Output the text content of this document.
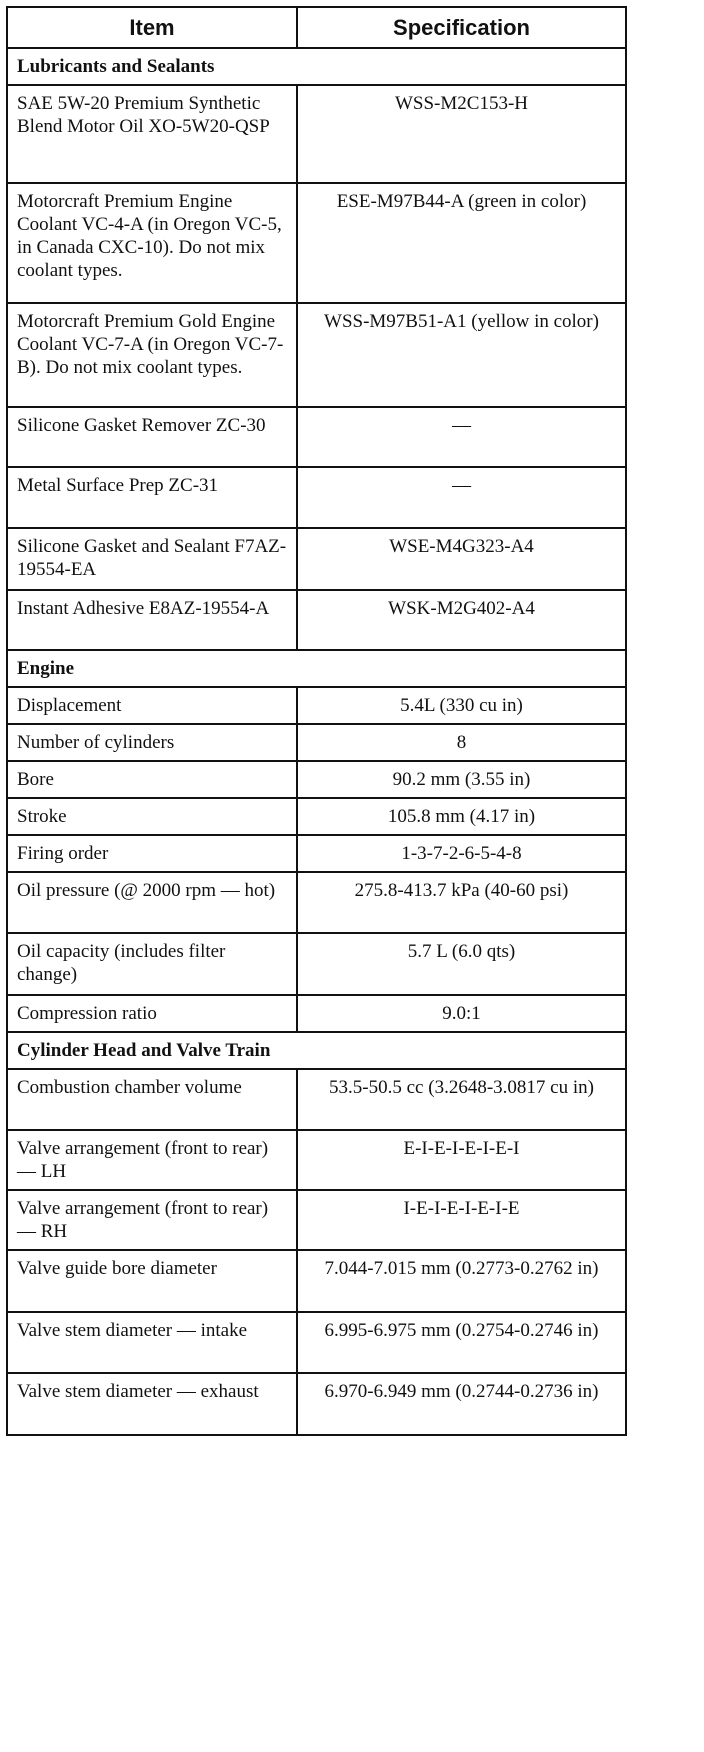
Item	Specification
Lubricants and Sealants	
SAE 5W-20 Premium Synthetic Blend Motor Oil XO-5W20-QSP	WSS-M2C153-H
Motorcraft Premium Engine Coolant VC-4-A (in Oregon VC-5, in Canada CXC-10). Do not mix coolant types.	ESE-M97B44-A (green in color)
Motorcraft Premium Gold Engine Coolant VC-7-A (in Oregon VC-7-B). Do not mix coolant types.	WSS-M97B51-A1 (yellow in color)
Silicone Gasket Remover ZC-30	—
Metal Surface Prep ZC-31	—
Silicone Gasket and Sealant F7AZ-19554-EA	WSE-M4G323-A4
Instant Adhesive E8AZ-19554-A	WSK-M2G402-A4
Engine	
Displacement	5.4L (330 cu in)
Number of cylinders	8
Bore	90.2 mm (3.55 in)
Stroke	105.8 mm (4.17 in)
Firing order	1-3-7-2-6-5-4-8
Oil pressure (@ 2000 rpm — hot)	275.8-413.7 kPa (40-60 psi)
Oil capacity (includes filter change)	5.7 L (6.0 qts)
Compression ratio	9.0:1
Cylinder Head and Valve Train	
Combustion chamber volume	53.5-50.5 cc (3.2648-3.0817 cu in)
Valve arrangement (front to rear) — LH	E-I-E-I-E-I-E-I
Valve arrangement (front to rear) — RH	I-E-I-E-I-E-I-E
Valve guide bore diameter	7.044-7.015 mm (0.2773-0.2762 in)
Valve stem diameter — intake	6.995-6.975 mm (0.2754-0.2746 in)
Valve stem diameter — exhaust	6.970-6.949 mm (0.2744-0.2736 in)
